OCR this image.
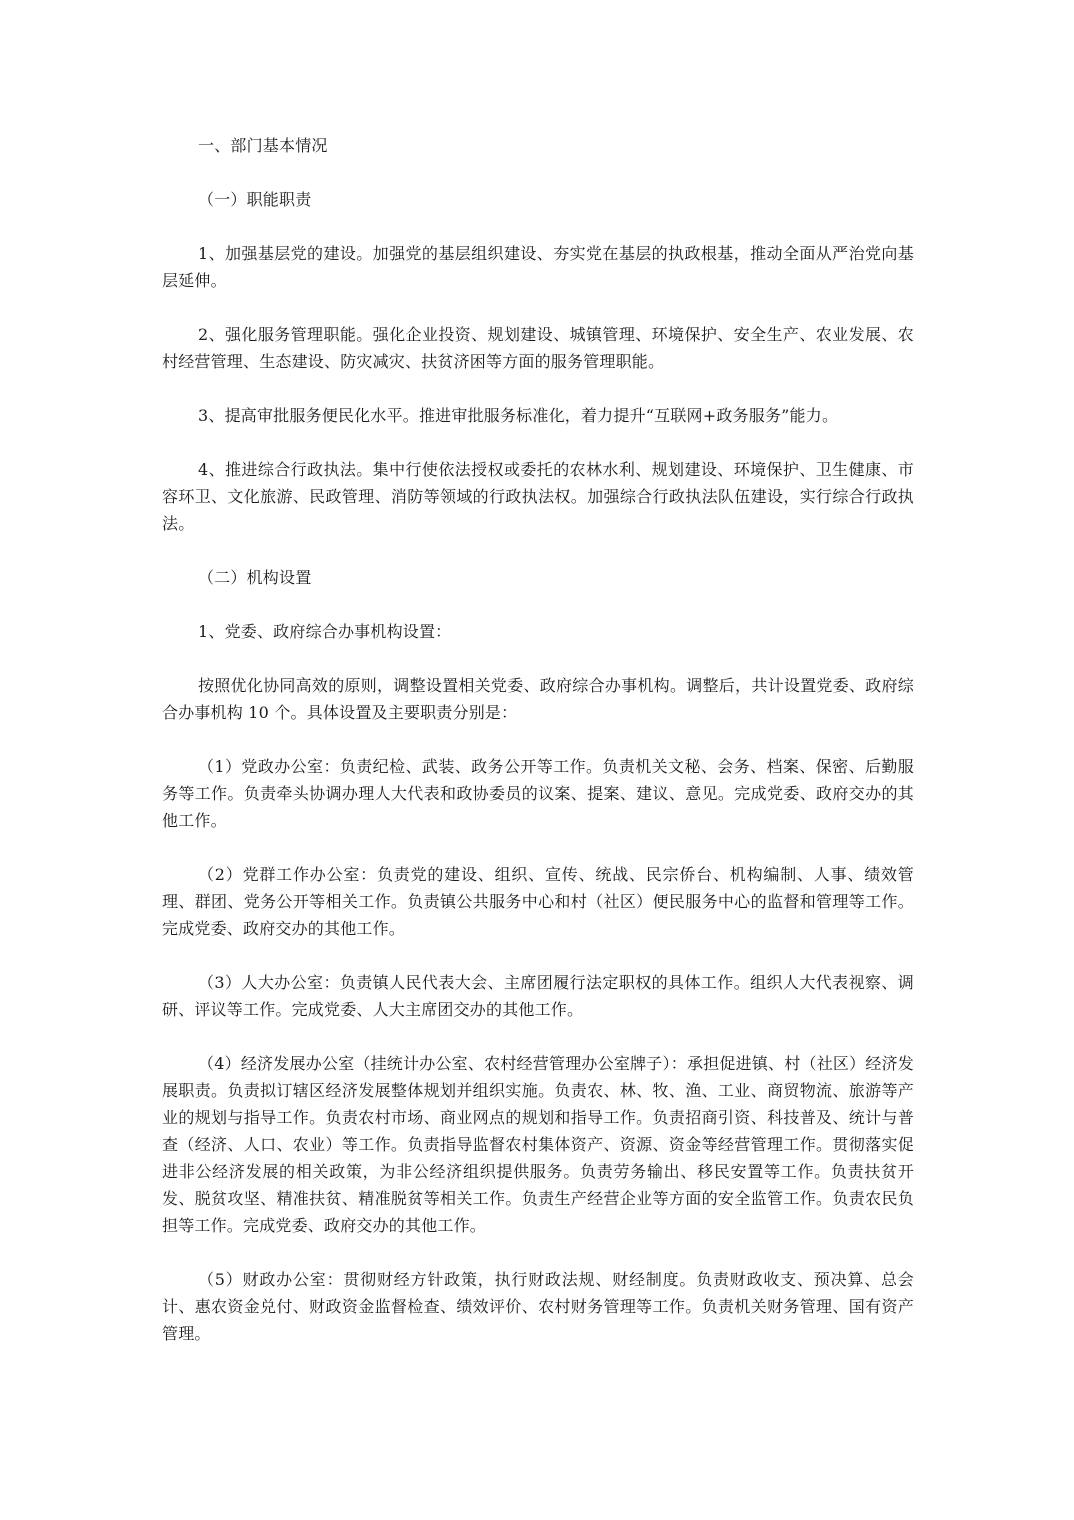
一、部门基本情况

（一）职能职责

1、加强基层党的建设。加强党的基层组织建设、夯实党在基层的执政根基，推动全面从严治党向基层延伸。

2、强化服务管理职能。强化企业投资、规划建设、城镇管理、环境保护、安全生产、农业发展、农村经营管理、生态建设、防灾减灾、扶贫济困等方面的服务管理职能。

3、提高审批服务便民化水平。推进审批服务标准化，着力提升“互联网+政务服务”能力。

4、推进综合行政执法。集中行使依法授权或委托的农林水利、规划建设、环境保护、卫生健康、市容环卫、文化旅游、民政管理、消防等领域的行政执法权。加强综合行政执法队伍建设，实行综合行政执法。

（二）机构设置

1、党委、政府综合办事机构设置：

按照优化协同高效的原则，调整设置相关党委、政府综合办事机构。调整后，共计设置党委、政府综合办事机构 10 个。具体设置及主要职责分别是：

（1）党政办公室：负责纪检、武装、政务公开等工作。负责机关文秘、会务、档案、保密、后勤服务等工作。负责牵头协调办理人大代表和政协委员的议案、提案、建议、意见。完成党委、政府交办的其他工作。

（2）党群工作办公室：负责党的建设、组织、宣传、统战、民宗侨台、机构编制、人事、绩效管理、群团、党务公开等相关工作。负责镇公共服务中心和村（社区）便民服务中心的监督和管理等工作。完成党委、政府交办的其他工作。

（3）人大办公室：负责镇人民代表大会、主席团履行法定职权的具体工作。组织人大代表视察、调研、评议等工作。完成党委、人大主席团交办的其他工作。

（4）经济发展办公室（挂统计办公室、农村经营管理办公室牌子）：承担促进镇、村（社区）经济发展职责。负责拟订辖区经济发展整体规划并组织实施。负责农、林、牧、渔、工业、商贸物流、旅游等产业的规划与指导工作。负责农村市场、商业网点的规划和指导工作。负责招商引资、科技普及、统计与普查（经济、人口、农业）等工作。负责指导监督农村集体资产、资源、资金等经营管理工作。贯彻落实促进非公经济发展的相关政策，为非公经济组织提供服务。负责劳务输出、移民安置等工作。负责扶贫开发、脱贫攻坚、精准扶贫、精准脱贫等相关工作。负责生产经营企业等方面的安全监管工作。负责农民负担等工作。完成党委、政府交办的其他工作。

（5）财政办公室：贯彻财经方针政策，执行财政法规、财经制度。负责财政收支、预决算、总会计、惠农资金兑付、财政资金监督检查、绩效评价、农村财务管理等工作。负责机关财务管理、国有资产管理。
